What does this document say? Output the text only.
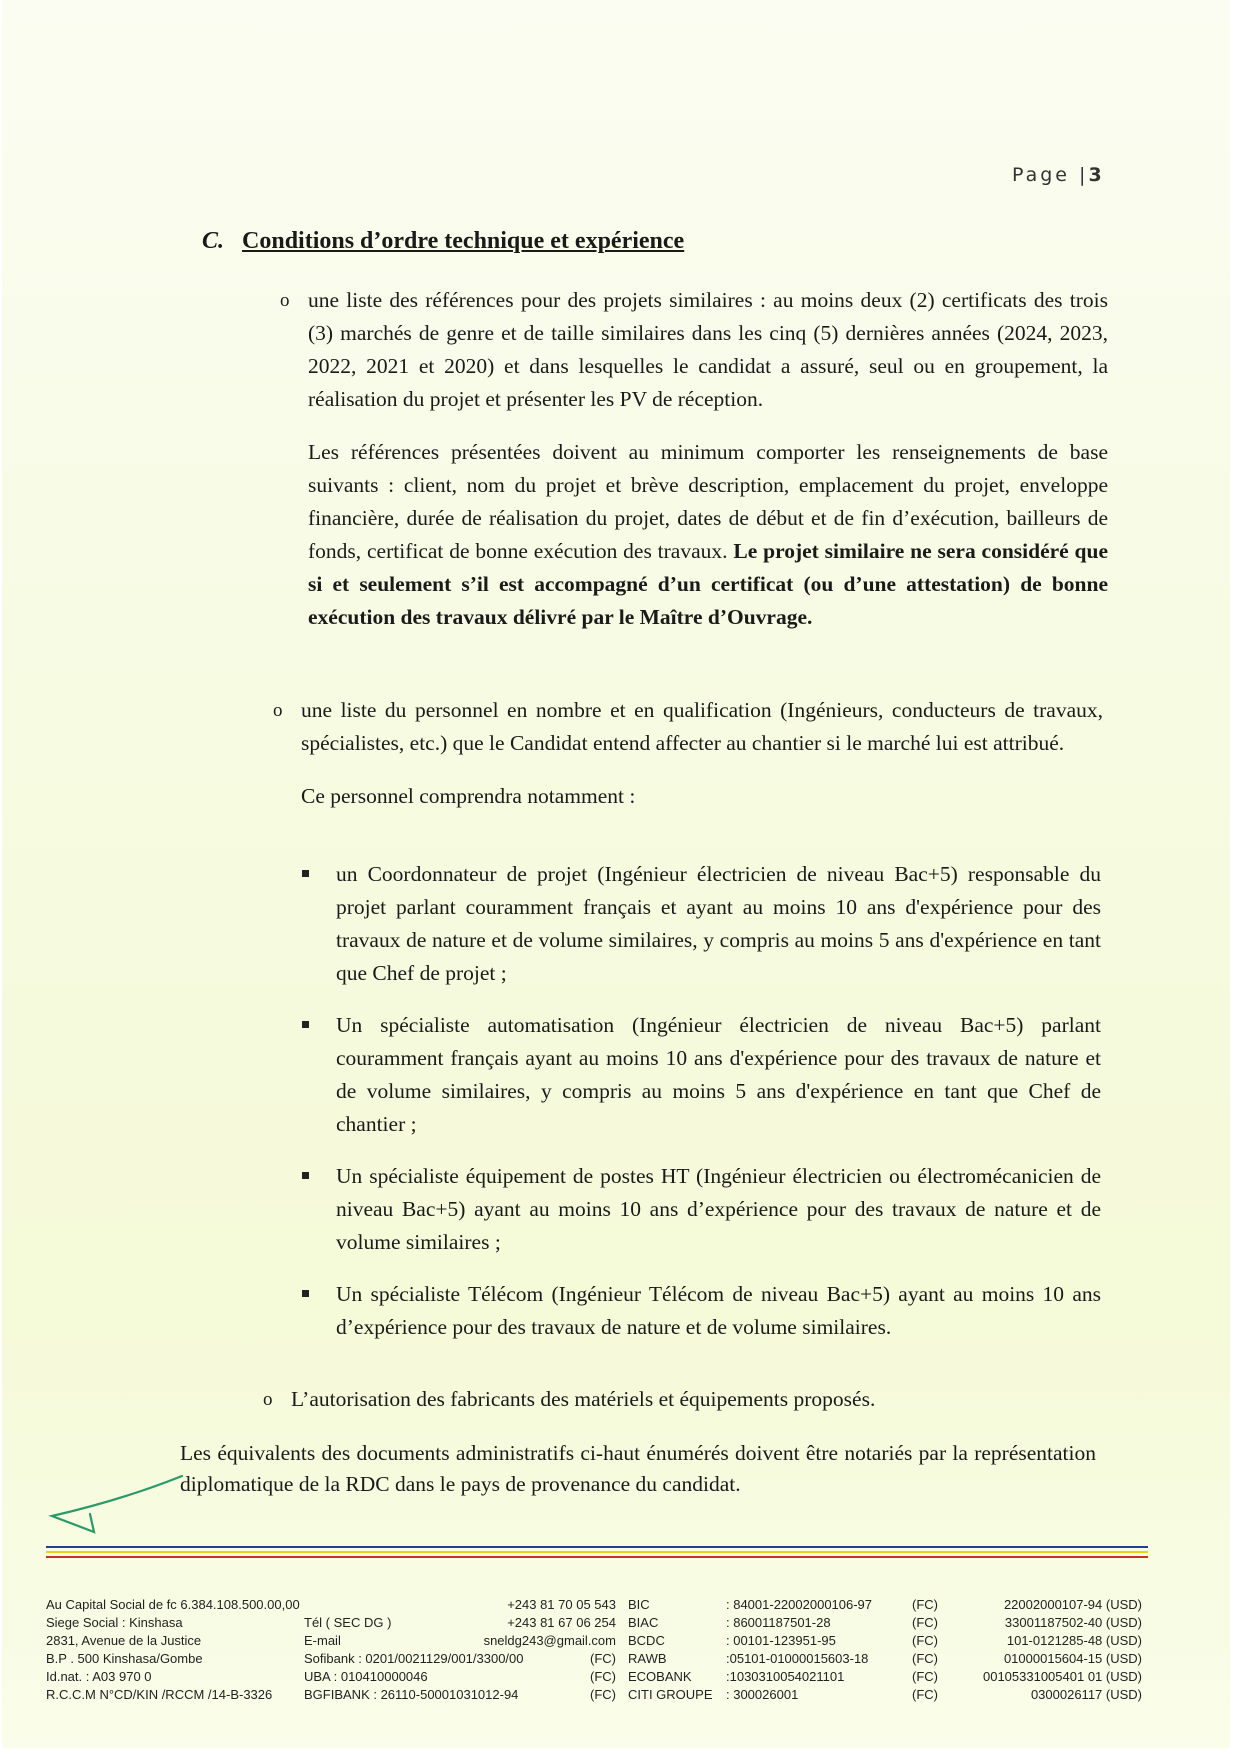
Page |3
C. Conditions d’ordre technique et expérience
o une liste des références pour des projets similaires : au moins deux (2) certificats des trois (3) marchés de genre et de taille similaires dans les cinq (5) dernières années (2024, 2023, 2022, 2021 et 2020) et dans lesquelles le candidat a assuré, seul ou en groupement, la réalisation du projet et présenter les PV de réception.
Les références présentées doivent au minimum comporter les renseignements de base suivants : client, nom du projet et brève description, emplacement du projet, enveloppe financière, durée de réalisation du projet, dates de début et de fin d’exécution, bailleurs de fonds, certificat de bonne exécution des travaux. Le projet similaire ne sera considéré que si et seulement s’il est accompagné d’un certificat (ou d’une attestation) de bonne exécution des travaux délivré par le Maître d’Ouvrage.
o une liste du personnel en nombre et en qualification (Ingénieurs, conducteurs de travaux, spécialistes, etc.) que le Candidat entend affecter au chantier si le marché lui est attribué.
Ce personnel comprendra notamment :
un Coordonnateur de projet (Ingénieur électricien de niveau Bac+5) responsable du projet parlant couramment français et ayant au moins 10 ans d'expérience pour des travaux de nature et de volume similaires, y compris au moins 5 ans d'expérience en tant que Chef de projet ;
Un spécialiste automatisation (Ingénieur électricien de niveau Bac+5) parlant couramment français ayant au moins 10 ans d'expérience pour des travaux de nature et de volume similaires, y compris au moins 5 ans d'expérience en tant que Chef de chantier ;
Un spécialiste équipement de postes HT (Ingénieur électricien ou électromécanicien de niveau Bac+5) ayant au moins 10 ans d’expérience pour des travaux de nature et de volume similaires ;
Un spécialiste Télécom (Ingénieur Télécom de niveau Bac+5) ayant au moins 10 ans d’expérience pour des travaux de nature et de volume similaires.
o L’autorisation des fabricants des matériels et équipements proposés.
Les équivalents des documents administratifs ci-haut énumérés doivent être notariés par la représentation diplomatique de la RDC dans le pays de provenance du candidat.
Au Capital Social de fc 6.384.108.500.00,00
Siege Social : Kinshasa
2831, Avenue de la Justice
B.P . 500 Kinshasa/Gombe
Id.nat. : A03 970 0
R.C.C.M N°CD/KIN /RCCM /14-B-3326

Tél ( SEC DG )
E-mail
Sofibank : 0201/0021129/001/3300/00
UBA : 010410000046
BGFIBANK : 26110-50001031012-94
+243 81 70 05 543
+243 81 67 06 254
sneldg243@gmail.com
(FC)
(FC)
(FC)
BIC
BIAC
BCDC
RAWB
ECOBANK
CITI GROUPE
: 84001-22002000106-97
: 86001187501-28
: 00101-123951-95
:05101-01000015603-18
:1030310054021101
: 300026001
(FC)
(FC)
(FC)
(FC)
(FC)
(FC)
22002000107-94 (USD)
33001187502-40 (USD)
101-0121285-48 (USD)
01000015604-15 (USD)
00105331005401 01 (USD)
0300026117 (USD)
